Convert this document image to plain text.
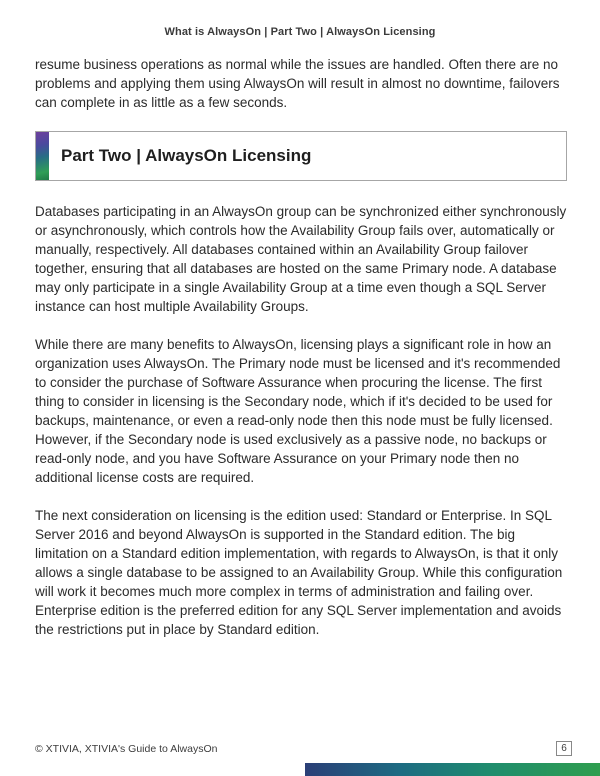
What is AlwaysOn | Part Two | AlwaysOn Licensing

resume business operations as normal while the issues are handled. Often there are no problems and applying them using AlwaysOn will result in almost no downtime, failovers can complete in as little as a few seconds.

Part Two | AlwaysOn Licensing

Databases participating in an AlwaysOn group can be synchronized either synchronously or asynchronously, which controls how the Availability Group fails over, automatically or manually, respectively. All databases contained within an Availability Group failover together, ensuring that all databases are hosted on the same Primary node. A database may only participate in a single Availability Group at a time even though a SQL Server instance can host multiple Availability Groups.

While there are many benefits to AlwaysOn, licensing plays a significant role in how an organization uses AlwaysOn. The Primary node must be licensed and it's recommended to consider the purchase of Software Assurance when procuring the license. The first thing to consider in licensing is the Secondary node, which if it's decided to be used for backups, maintenance, or even a read-only node then this node must be fully licensed. However, if the Secondary node is used exclusively as a passive node, no backups or read-only node, and you have Software Assurance on your Primary node then no additional license costs are required.

The next consideration on licensing is the edition used: Standard or Enterprise. In SQL Server 2016 and beyond AlwaysOn is supported in the Standard edition. The big limitation on a Standard edition implementation, with regards to AlwaysOn, is that it only allows a single database to be assigned to an Availability Group. While this configuration will work it becomes much more complex in terms of administration and failing over. Enterprise edition is the preferred edition for any SQL Server implementation and avoids the restrictions put in place by Standard edition.

© XTIVIA, XTIVIA's Guide to AlwaysOn	6
